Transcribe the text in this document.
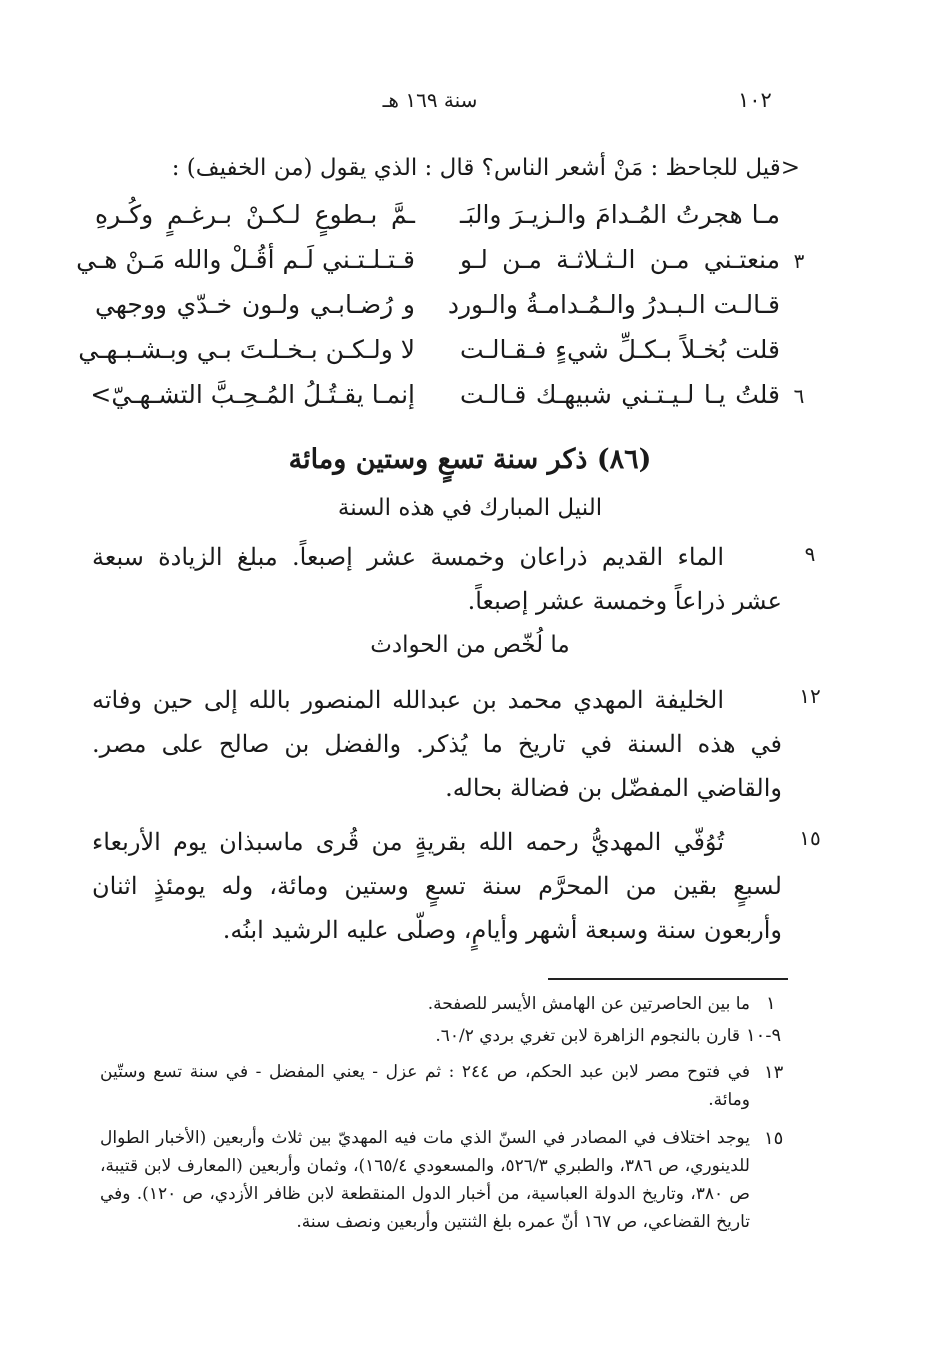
١٠٢
سنة ١٦٩ هـ
<قيل للجاحظ : مَنْ أشعر الناس؟ قال : الذي يقول (من الخفيف) :
مـا هجرتُ المُـدامَ والـزيـرَ والبَـ
ـمَّ بـطوعٍ لـكـنْ بـرغـمٍ وكُـرهِ
٣
منعتـني مـن الـثـلاثـة مـن لـو
قـتـلـتـني لَـم أقُـلْ والله مَـنْ هـي
قـالـت الـبـدرُ والـمُـدامـةُ والـورد
و رُضـابـي ولـون خـدّي ووجهي
قلت بُخـلاً بـكـلِّ شيءٍ فـقـالـت
لا ولـكـن بـخـلـتَ بـي وبـشـبـهـي
٦
قلتُ يـا لـيـتـني شبيهـك قـالـت
إنمـا يقـتُـلُ المُـحِـبَّ التشـهـيّ>
(٨٦) ذكر سنة تسعٍ وستين ومائة
النيل المبارك في هذه السنة
٩
الماء القديم ذراعان وخمسة عشر إصبعاً. مبلغ الزيادة سبعة عشر ذراعاً وخمسة عشر إصبعاً.
ما لُخّص من الحوادث
١٢
الخليفة المهدي محمد بن عبدالله المنصور بالله إلى حين وفاته في هذه السنة في تاريخ ما يُذكر. والفضل بن صالح على مصر. والقاضي المفضّل بن فضالة بحاله.
١٥
تُوُفّي المهديُّ رحمه الله بقريةٍ من قُرى ماسبذان يوم الأربعاء لسبعٍ بقين من المحرَّم سنة تسعٍ وستين ومائة، وله يومئذٍ اثنان وأربعون سنة وسبعة أشهر وأيامٍ، وصلّى عليه الرشيد ابنُه.
١
ما بين الحاصرتين عن الهامش الأيسر للصفحة.
٩-١٠
قارن بالنجوم الزاهرة لابن تغري بردي ٦٠/٢.
١٣
في فتوح مصر لابن عبد الحكم، ص ٢٤٤ : ثم عزل - يعني المفضل - في سنة تسع وستّين ومائة.
١٥
يوجد اختلاف في المصادر في السنّ الذي مات فيه المهديّ بين ثلاث وأربعين (الأخبار الطوال للدينوري، ص ٣٨٦، والطبري ٥٢٦/٣، والمسعودي ١٦٥/٤)، وثمان وأربعين (المعارف لابن قتيبة، ص ٣٨٠، وتاريخ الدولة العباسية، من أخبار الدول المنقطعة لابن ظافر الأزدي، ص ١٢٠). وفي تاريخ القضاعي، ص ١٦٧ أنّ عمره بلغ الثنتين وأربعين ونصف سنة.
